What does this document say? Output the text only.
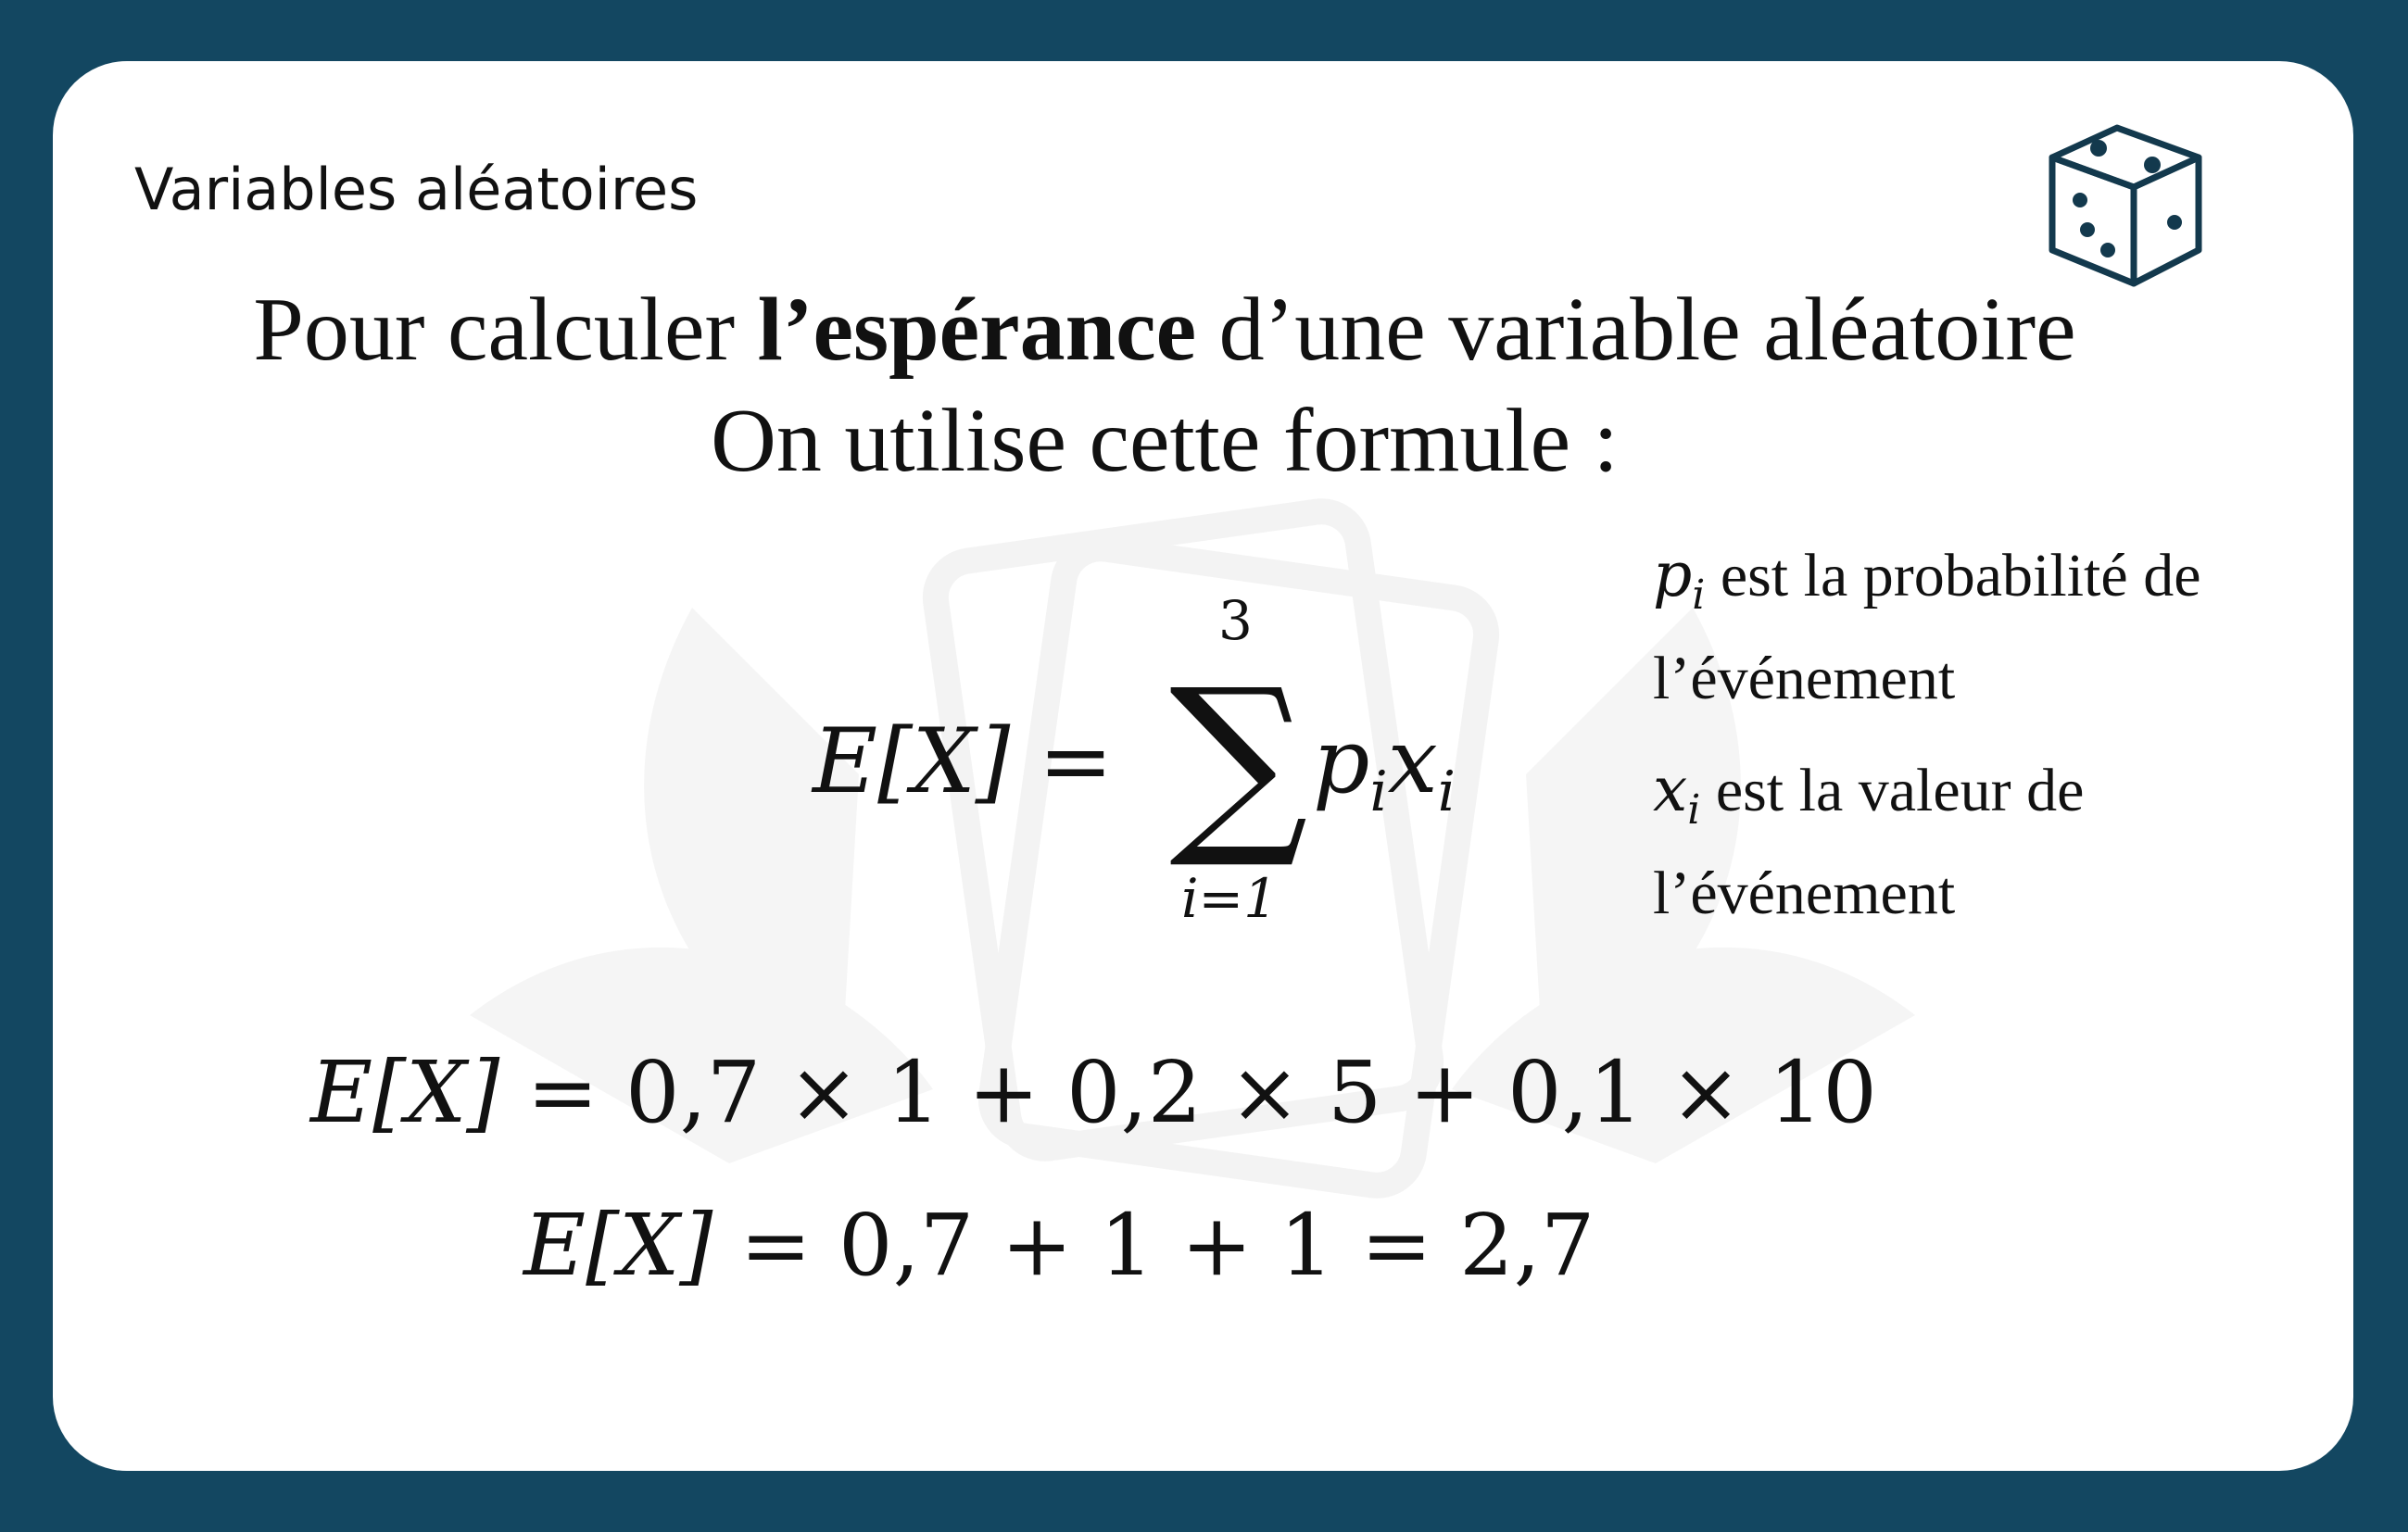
Variables aléatoires
Pour calculer l’espérance d’une variable aléatoire
On utilise cette formule :
E[X] =
3
∑
i=1
$p_ix_i$
$p_i$ est la probabilité de
l’événement
$x_i$ est la valeur de
l’événement
E[X] = 0,7 × 1 + 0,2 × 5 + 0,1 × 10
E[X] = 0,7 + 1 + 1 = 2,7
